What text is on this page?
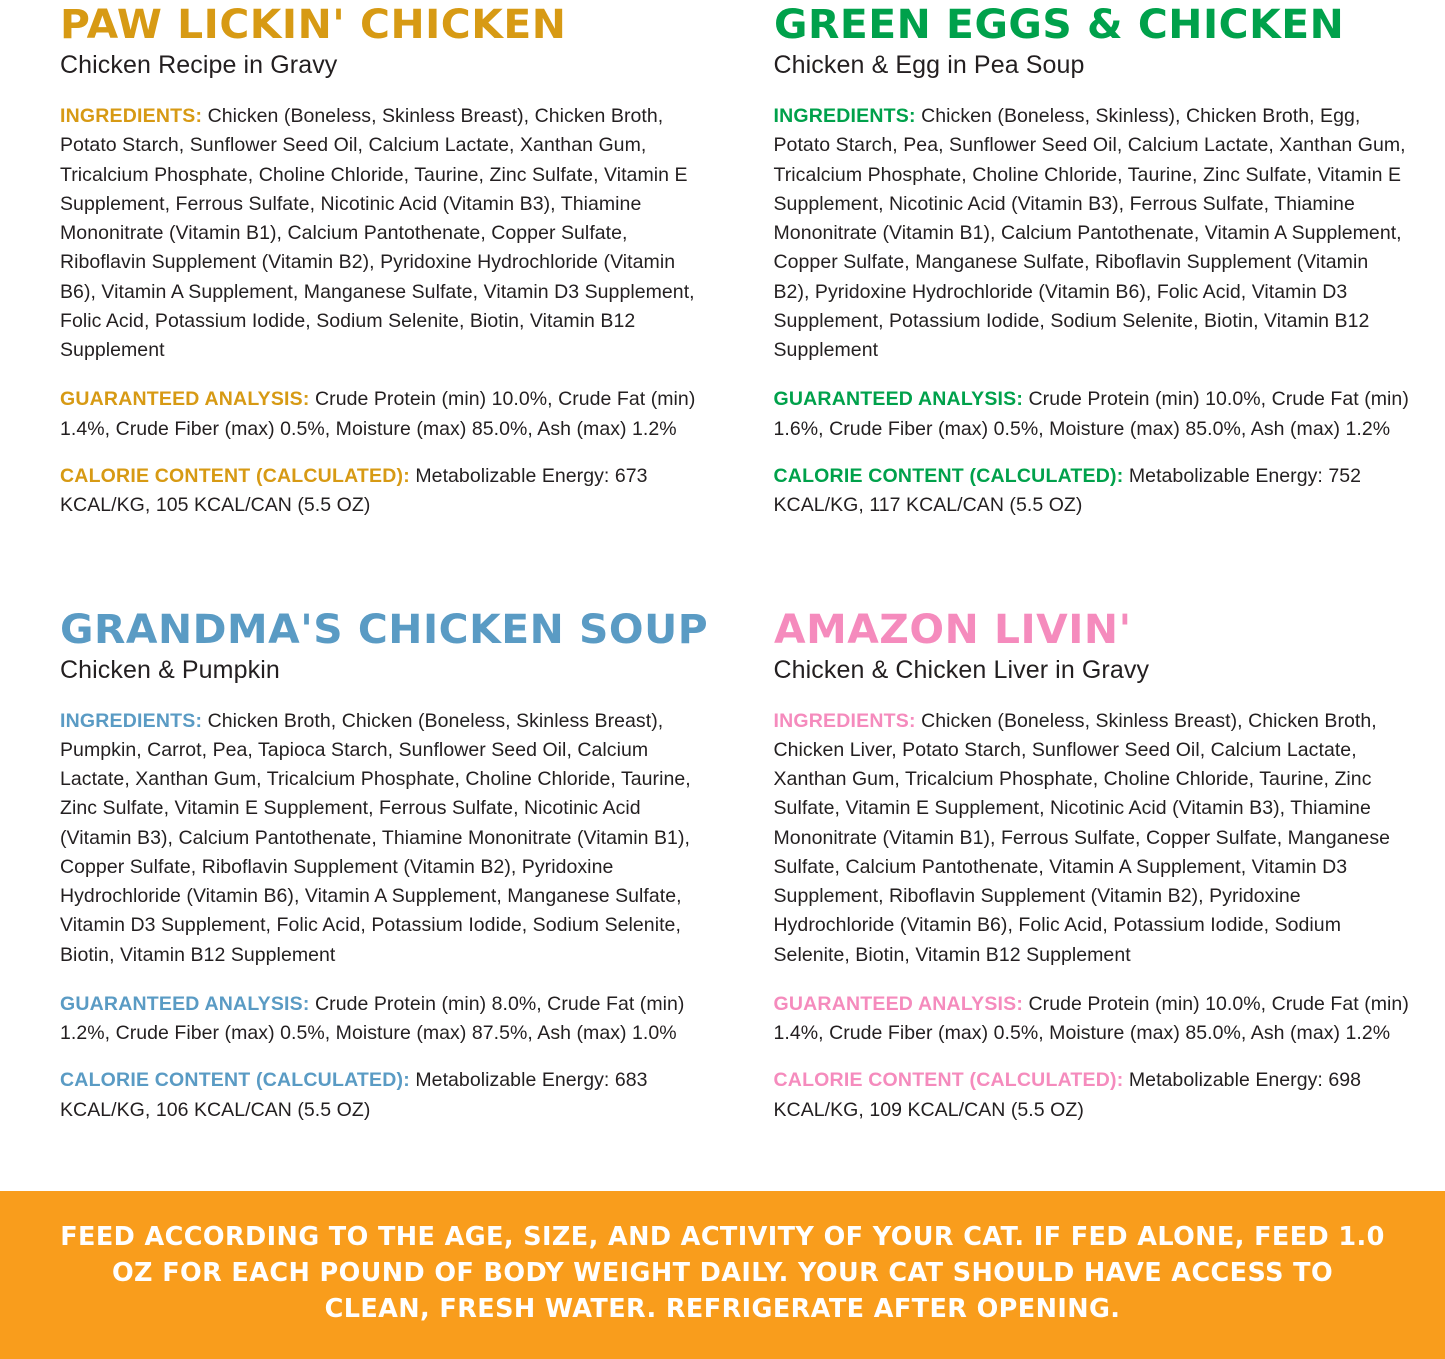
PAW LICKIN' CHICKEN
Chicken Recipe in Gravy

INGREDIENTS: Chicken (Boneless, Skinless Breast), Chicken Broth, Potato Starch, Sunflower Seed Oil, Calcium Lactate, Xanthan Gum, Tricalcium Phosphate, Choline Chloride, Taurine, Zinc Sulfate, Vitamin E Supplement, Ferrous Sulfate, Nicotinic Acid (Vitamin B3), Thiamine Mononitrate (Vitamin B1), Calcium Pantothenate, Copper Sulfate, Riboflavin Supplement (Vitamin B2), Pyridoxine Hydrochloride (Vitamin B6), Vitamin A Supplement, Manganese Sulfate, Vitamin D3 Supplement, Folic Acid, Potassium Iodide, Sodium Selenite, Biotin, Vitamin B12 Supplement

GUARANTEED ANALYSIS: Crude Protein (min) 10.0%, Crude Fat (min) 1.4%, Crude Fiber (max) 0.5%, Moisture (max) 85.0%, Ash (max) 1.2%

CALORIE CONTENT (CALCULATED): Metabolizable Energy: 673 KCAL/KG, 105 KCAL/CAN (5.5 OZ)

GREEN EGGS & CHICKEN
Chicken & Egg in Pea Soup

INGREDIENTS: Chicken (Boneless, Skinless), Chicken Broth, Egg, Potato Starch, Pea, Sunflower Seed Oil, Calcium Lactate, Xanthan Gum, Tricalcium Phosphate, Choline Chloride, Taurine, Zinc Sulfate, Vitamin E Supplement, Nicotinic Acid (Vitamin B3), Ferrous Sulfate, Thiamine Mononitrate (Vitamin B1), Calcium Pantothenate, Vitamin A Supplement, Copper Sulfate, Manganese Sulfate, Riboflavin Supplement (Vitamin B2), Pyridoxine Hydrochloride (Vitamin B6), Folic Acid, Vitamin D3 Supplement, Potassium Iodide, Sodium Selenite, Biotin, Vitamin B12 Supplement

GUARANTEED ANALYSIS: Crude Protein (min) 10.0%, Crude Fat (min) 1.6%, Crude Fiber (max) 0.5%, Moisture (max) 85.0%, Ash (max) 1.2%

CALORIE CONTENT (CALCULATED): Metabolizable Energy: 752 KCAL/KG, 117 KCAL/CAN (5.5 OZ)

GRANDMA'S CHICKEN SOUP
Chicken & Pumpkin

INGREDIENTS: Chicken Broth, Chicken (Boneless, Skinless Breast), Pumpkin, Carrot, Pea, Tapioca Starch, Sunflower Seed Oil, Calcium Lactate, Xanthan Gum, Tricalcium Phosphate, Choline Chloride, Taurine, Zinc Sulfate, Vitamin E Supplement, Ferrous Sulfate, Nicotinic Acid (Vitamin B3), Calcium Pantothenate, Thiamine Mononitrate (Vitamin B1), Copper Sulfate, Riboflavin Supplement (Vitamin B2), Pyridoxine Hydrochloride (Vitamin B6), Vitamin A Supplement, Manganese Sulfate, Vitamin D3 Supplement, Folic Acid, Potassium Iodide, Sodium Selenite, Biotin, Vitamin B12 Supplement

GUARANTEED ANALYSIS: Crude Protein (min) 8.0%, Crude Fat (min) 1.2%, Crude Fiber (max) 0.5%, Moisture (max) 87.5%, Ash (max) 1.0%

CALORIE CONTENT (CALCULATED): Metabolizable Energy: 683 KCAL/KG, 106 KCAL/CAN (5.5 OZ)

AMAZON LIVIN'
Chicken & Chicken Liver in Gravy

INGREDIENTS: Chicken (Boneless, Skinless Breast), Chicken Broth, Chicken Liver, Potato Starch, Sunflower Seed Oil, Calcium Lactate, Xanthan Gum, Tricalcium Phosphate, Choline Chloride, Taurine, Zinc Sulfate, Vitamin E Supplement, Nicotinic Acid (Vitamin B3), Thiamine Mononitrate (Vitamin B1), Ferrous Sulfate, Copper Sulfate, Manganese Sulfate, Calcium Pantothenate, Vitamin A Supplement, Vitamin D3 Supplement, Riboflavin Supplement (Vitamin B2), Pyridoxine Hydrochloride (Vitamin B6), Folic Acid, Potassium Iodide, Sodium Selenite, Biotin, Vitamin B12 Supplement

GUARANTEED ANALYSIS: Crude Protein (min) 10.0%, Crude Fat (min) 1.4%, Crude Fiber (max) 0.5%, Moisture (max) 85.0%, Ash (max) 1.2%

CALORIE CONTENT (CALCULATED): Metabolizable Energy: 698 KCAL/KG, 109 KCAL/CAN (5.5 OZ)

FEED ACCORDING TO THE AGE, SIZE, AND ACTIVITY OF YOUR CAT. IF FED ALONE, FEED 1.0 OZ FOR EACH POUND OF BODY WEIGHT DAILY. YOUR CAT SHOULD HAVE ACCESS TO CLEAN, FRESH WATER. REFRIGERATE AFTER OPENING.
